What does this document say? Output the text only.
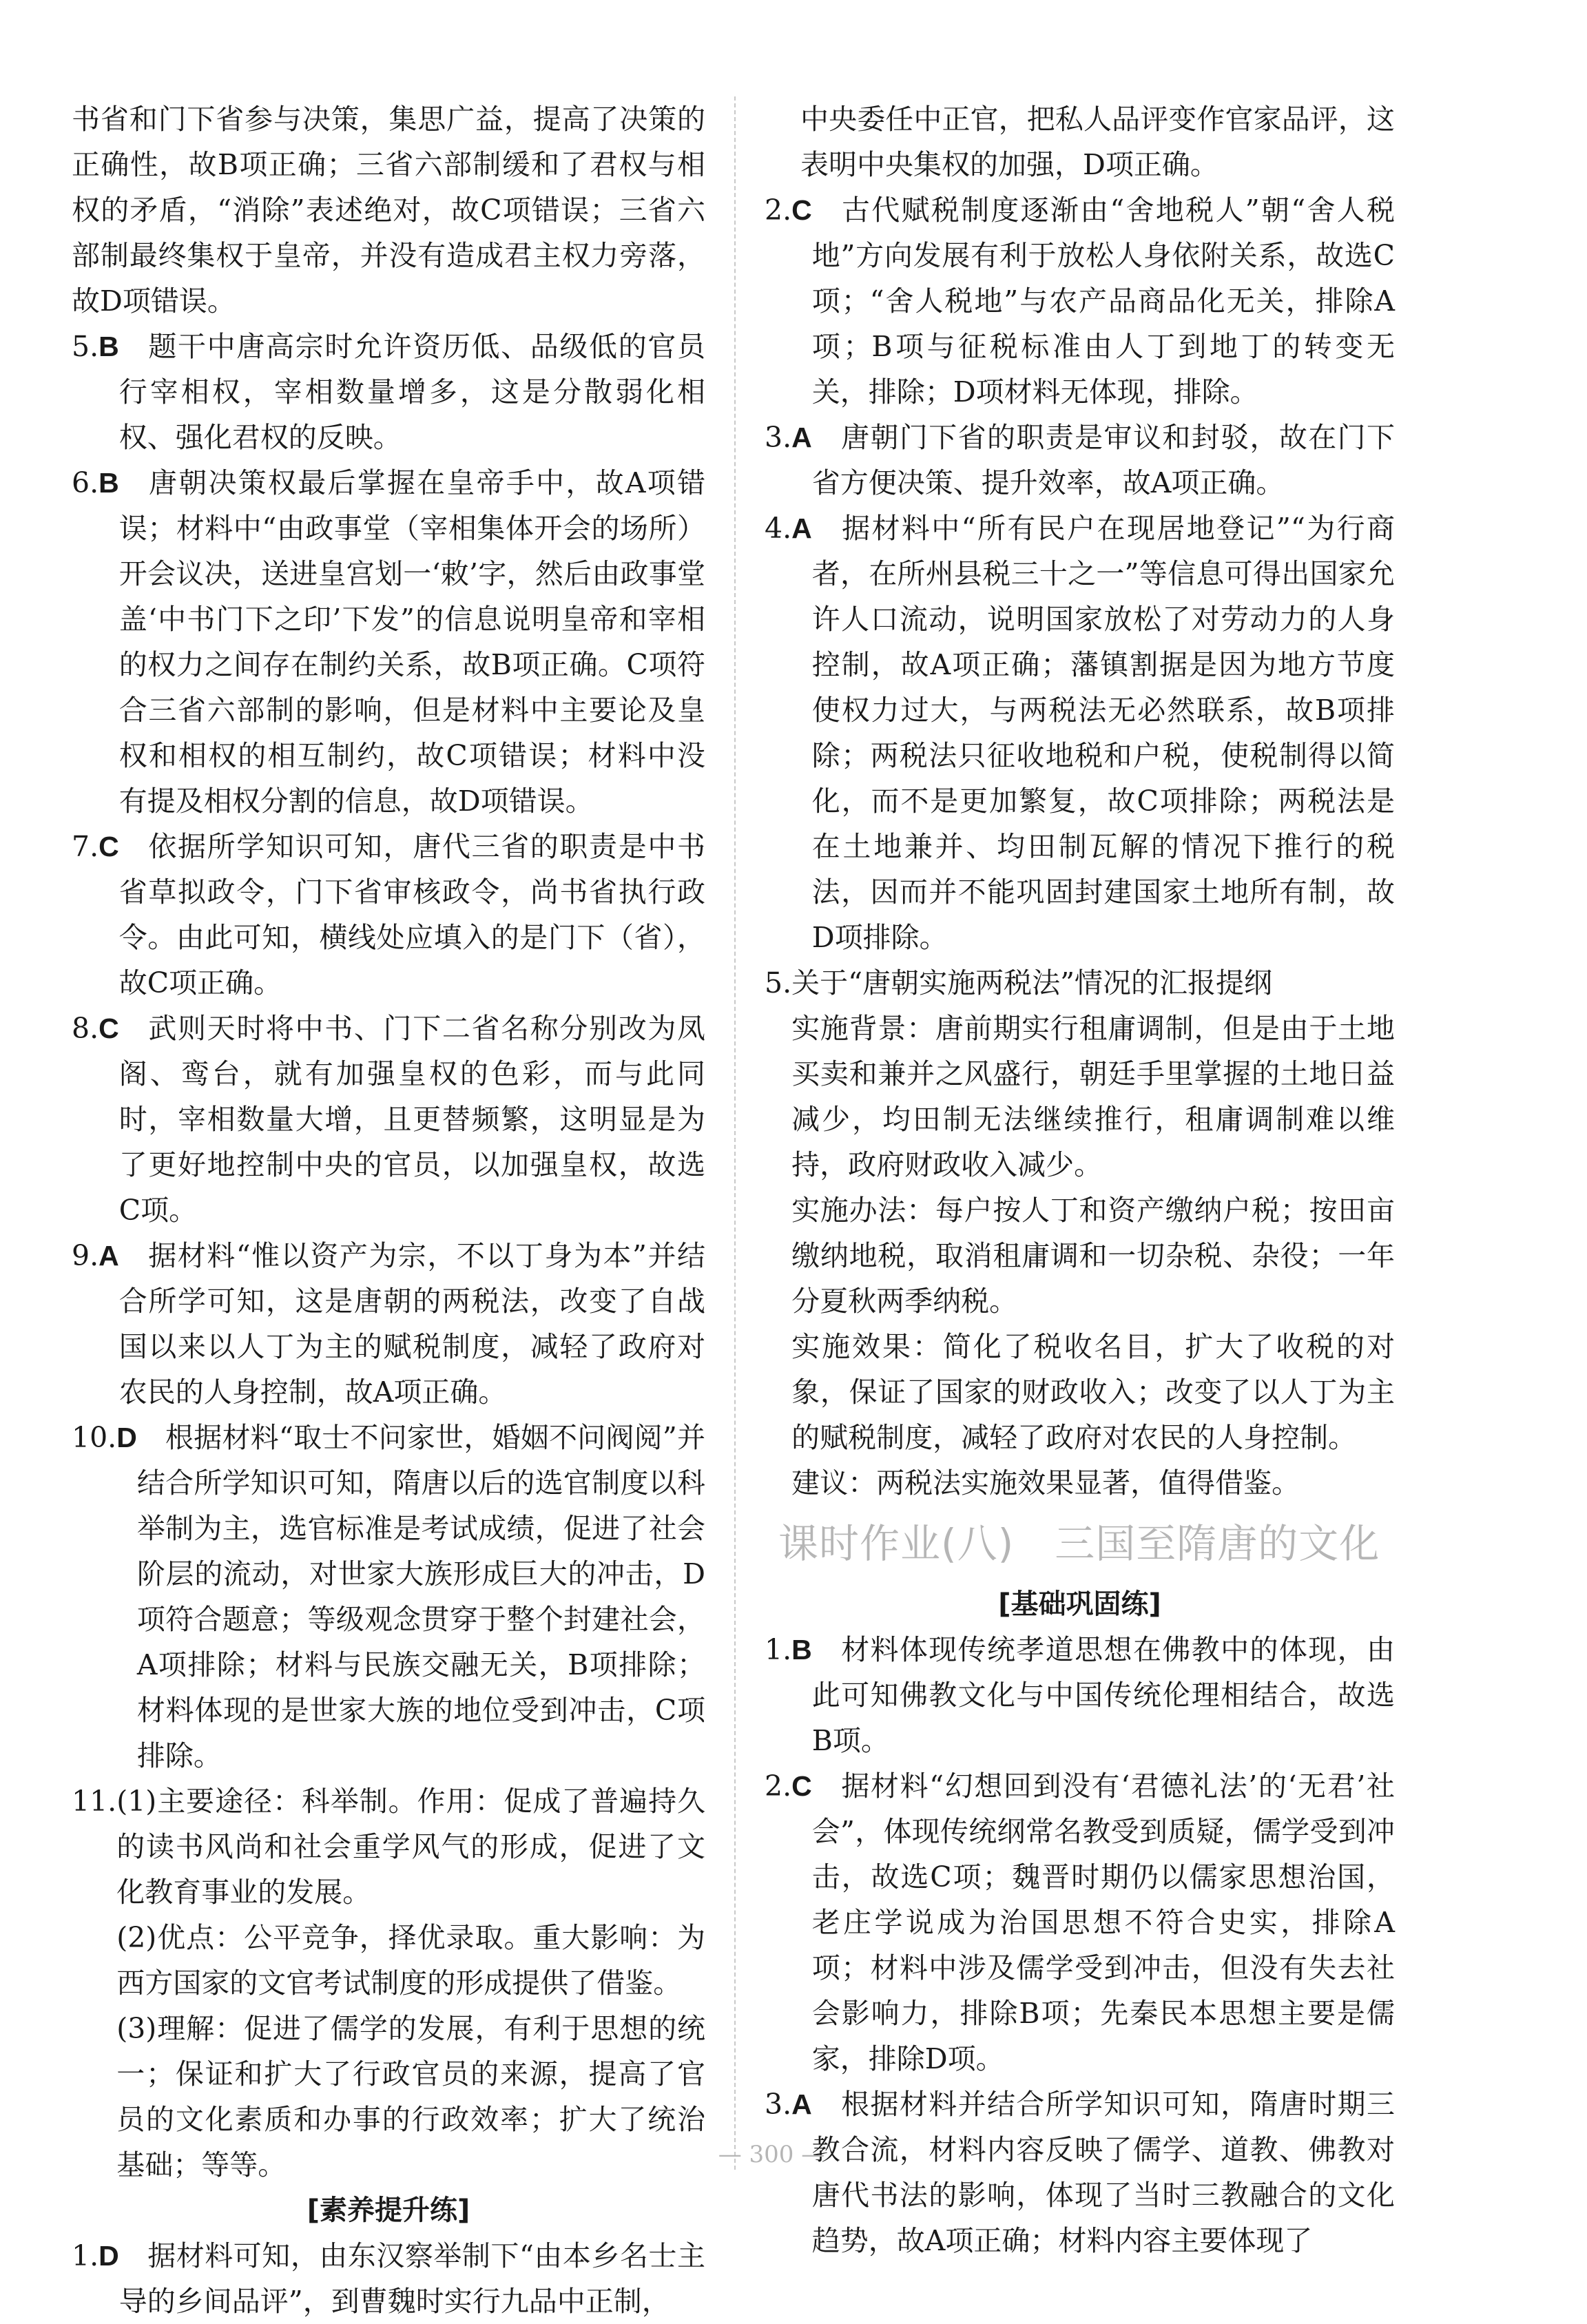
书省和门下省参与决策，集思广益，提高了决策的正确性，故B项正确；三省六部制缓和了君权与相权的矛盾，“消除”表述绝对，故C项错误；三省六部制最终集权于皇帝，并没有造成君主权力旁落，故D项错误。
5.B 　题干中唐高宗时允许资历低、品级低的官员行宰相权，宰相数量增多，这是分散弱化相权、强化君权的反映。
6.B 　唐朝决策权最后掌握在皇帝手中，故A项错误；材料中“由政事堂（宰相集体开会的场所）开会议决，送进皇宫划一‘敕’字，然后由政事堂盖‘中书门下之印’下发”的信息说明皇帝和宰相的权力之间存在制约关系，故B项正确。C项符合三省六部制的影响，但是材料中主要论及皇权和相权的相互制约，故C项错误；材料中没有提及相权分割的信息，故D项错误。
7.C 　依据所学知识可知，唐代三省的职责是中书省草拟政令，门下省审核政令，尚书省执行政令。由此可知，横线处应填入的是门下（省），故C项正确。
8.C 　武则天时将中书、门下二省名称分别改为凤阁、鸾台，就有加强皇权的色彩，而与此同时，宰相数量大增，且更替频繁，这明显是为了更好地控制中央的官员，以加强皇权，故选C项。
9.A 　据材料“惟以资产为宗，不以丁身为本”并结合所学可知，这是唐朝的两税法，改变了自战国以来以人丁为主的赋税制度，减轻了政府对农民的人身控制，故A项正确。
10.D 　根据材料“取士不问家世，婚姻不问阀阅”并结合所学知识可知，隋唐以后的选官制度以科举制为主，选官标准是考试成绩，促进了社会阶层的流动，对世家大族形成巨大的冲击，D项符合题意；等级观念贯穿于整个封建社会，A项排除；材料与民族交融无关，B项排除；材料体现的是世家大族的地位受到冲击，C项排除。
11. (1)主要途径：科举制。作用：促成了普遍持久的读书风尚和社会重学风气的形成，促进了文化教育事业的发展。

(2)优点：公平竞争，择优录取。重大影响：为西方国家的文官考试制度的形成提供了借鉴。

(3)理解：促进了儒学的发展，有利于思想的统一；保证和扩大了行政官员的来源，提高了官员的文化素质和办事的行政效率；扩大了统治基础；等等。

[素养提升练]

1.D 　据材料可知，由东汉察举制下“由本乡名士主导的乡间品评”，到曹魏时实行九品中正制，
中央委任中正官，把私人品评变作官家品评，这表明中央集权的加强，D项正确。
2.C 　古代赋税制度逐渐由“舍地税人”朝“舍人税地”方向发展有利于放松人身依附关系，故选C项；“舍人税地”与农产品商品化无关，排除A项；B项与征税标准由人丁到地丁的转变无关，排除；D项材料无体现，排除。
3.A 　唐朝门下省的职责是审议和封驳，故在门下省方便决策、提升效率，故A项正确。
4.A 　据材料中“所有民户在现居地登记”“为行商者，在所州县税三十之一”等信息可得出国家允许人口流动，说明国家放松了对劳动力的人身控制，故A项正确；藩镇割据是因为地方节度使权力过大，与两税法无必然联系，故B项排除；两税法只征收地税和户税，使税制得以简化，而不是更加繁复，故C项排除；两税法是在土地兼并、均田制瓦解的情况下推行的税法，因而并不能巩固封建国家土地所有制，故D项排除。
5. 关于“唐朝实施两税法”情况的汇报提纲

实施背景：唐前期实行租庸调制，但是由于土地买卖和兼并之风盛行，朝廷手里掌握的土地日益减少，均田制无法继续推行，租庸调制难以维持，政府财政收入减少。

实施办法：每户按人丁和资产缴纳户税；按田亩缴纳地税，取消租庸调和一切杂税、杂役；一年分夏秋两季纳税。

实施效果：简化了税收名目，扩大了收税的对象，保证了国家的财政收入；改变了以人丁为主的赋税制度，减轻了政府对农民的人身控制。

建议：两税法实施效果显著，值得借鉴。

课时作业(八)　三国至隋唐的文化

[基础巩固练]

1.B 　材料体现传统孝道思想在佛教中的体现，由此可知佛教文化与中国传统伦理相结合，故选B项。
2.C 　据材料“幻想回到没有‘君德礼法’的‘无君’社会”，体现传统纲常名教受到质疑，儒学受到冲击，故选C项；魏晋时期仍以儒家思想治国，老庄学说成为治国思想不符合史实，排除A项；材料中涉及儒学受到冲击，但没有失去社会影响力，排除B项；先秦民本思想主要是儒家，排除D项。
3.A 　根据材料并结合所学知识可知，隋唐时期三教合流，材料内容反映了儒学、道教、佛教对唐代书法的影响，体现了当时三教融合的文化趋势，故A项正确；材料内容主要体现了
— 300 —
